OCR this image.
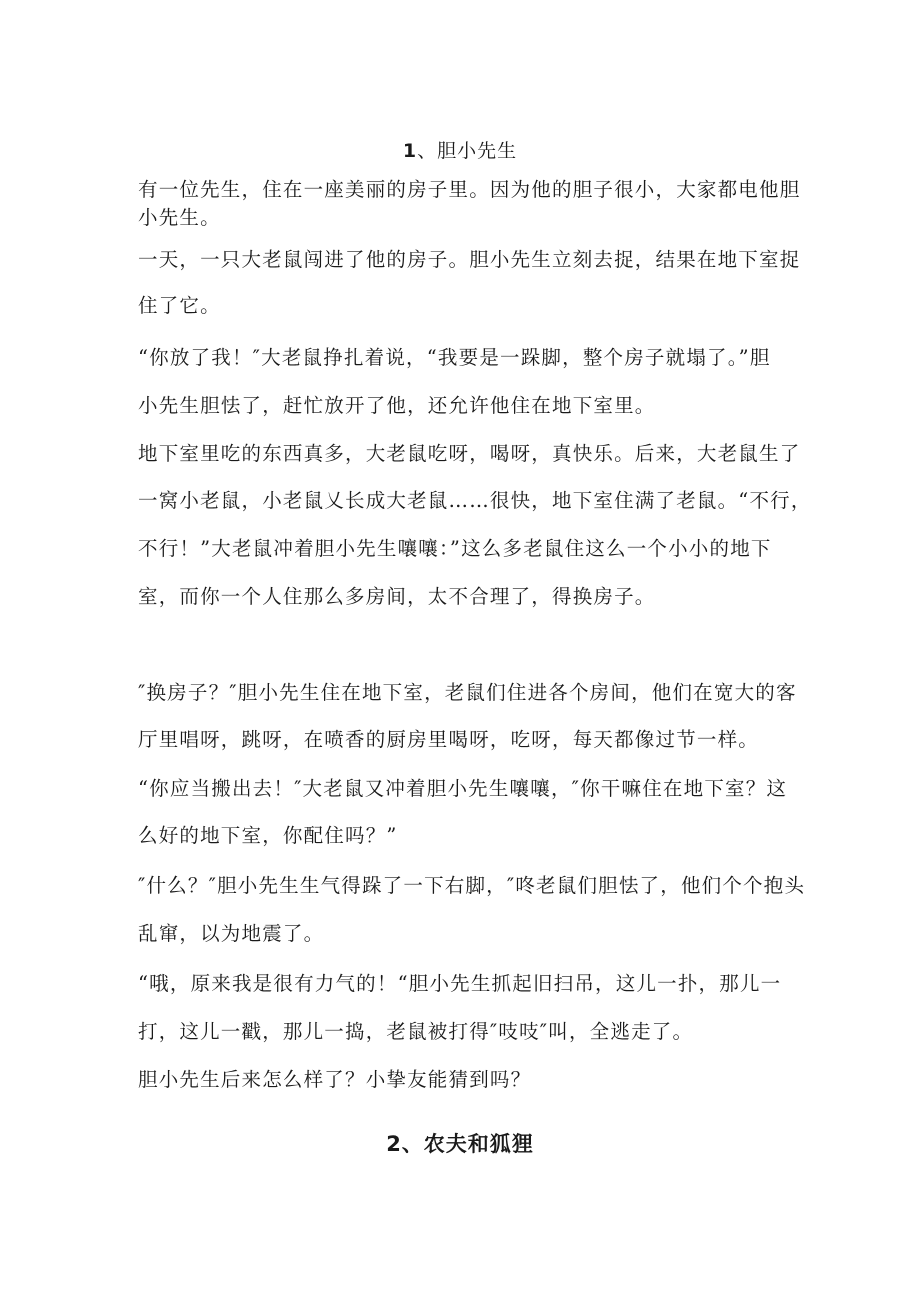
1、胆小先生
有一位先生，住在一座美丽的房子里。因为他的胆子很小，大家都电他胆
小先生。
一天，一只大老鼠闯进了他的房子。胆小先生立刻去捉，结果在地下室捉
住了它。
“你放了我！″大老鼠挣扎着说，“我要是一跺脚，整个房子就塌了。”胆
小先生胆怯了，赶忙放开了他，还允许他住在地下室里。
地下室里吃的东西真多，大老鼠吃呀，喝呀，真快乐。后来，大老鼠生了
一窝小老鼠，小老鼠乂长成大老鼠……很快，地下室住满了老鼠。“不行，
不行！”大老鼠冲着胆小先生嚷嚷：”这么多老鼠住这么一个小小的地下
室，而你一个人住那么多房间，太不合理了，得换房子。
″换房子？″胆小先生住在地下室，老鼠们住进各个房间，他们在宽大的客
厅里唱呀，跳呀，在喷香的厨房里喝呀，吃呀，每天都像过节一样。
“你应当搬出去！″大老鼠又冲着胆小先生嚷嚷，″你干嘛住在地下室？这
么好的地下室，你配住吗？”
″什么？″胆小先生生气得跺了一下右脚，″咚老鼠们胆怯了，他们个个抱头
乱窜，以为地震了。
“哦，原来我是很有力气的！“胆小先生抓起旧扫吊，这儿一扑，那儿一
打，这儿一戳，那儿一捣，老鼠被打得″吱吱″叫，全逃走了。
胆小先生后来怎么样了？小挚友能猜到吗？
2、农夫和狐狸
